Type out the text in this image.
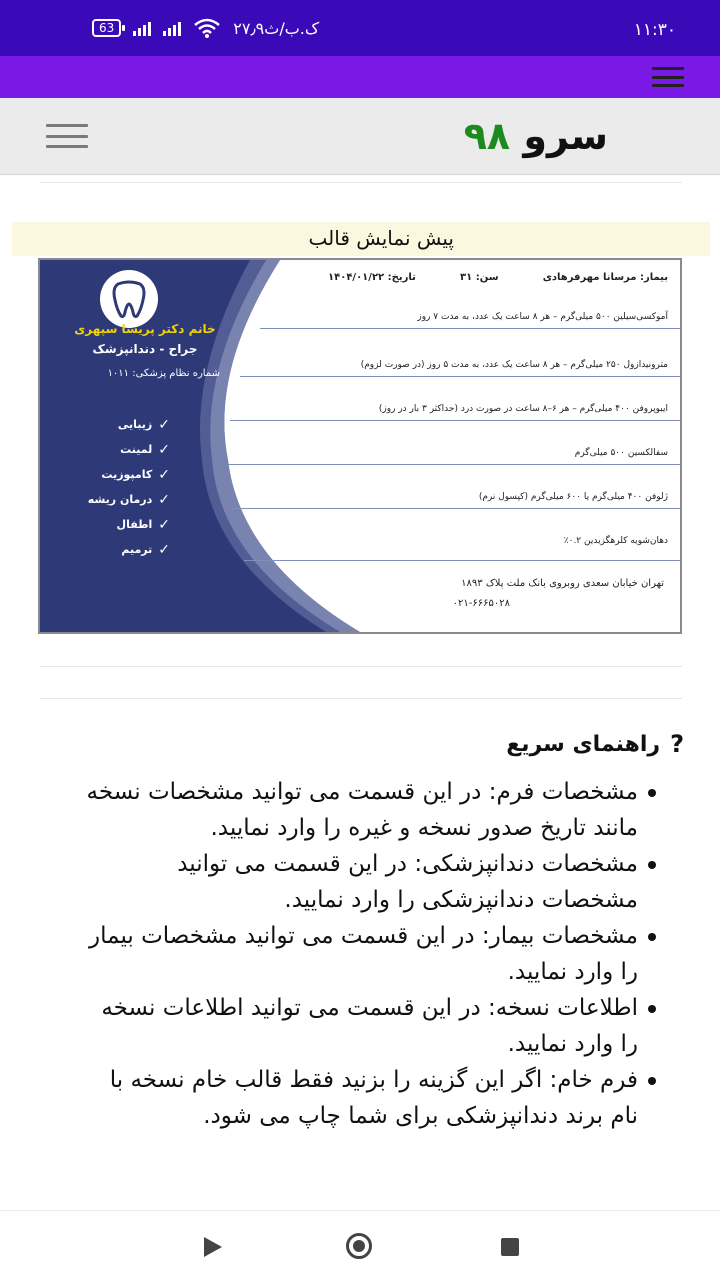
63	۲۷٫۹ک.ب/ث	۱۱:۳۰
سرو ۹۸
پیش نمایش قالب
خانم دکتر پریسا سپهری
جراح - دندانپزشک
شماره نظام پزشکی: ۱۰۱۱
✓
زیبایی
✓
لمینت
✓
کامپوزیت
✓
درمان ریشه
✓
اطفال
✓
ترمیم
بیمار: مرسانا مهرفرهادی
سن: ۳۱
تاریخ: ۱۴۰۴/۰۱/۲۲
آموکسی‌سیلین ۵۰۰ میلی‌گرم – هر ۸ ساعت یک عدد، به مدت ۷ روز
مترونیدازول ۲۵۰ میلی‌گرم – هر ۸ ساعت یک عدد، به مدت ۵ روز (در صورت لزوم)
ایبوپروفن ۴۰۰ میلی‌گرم – هر ۶–۸ ساعت در صورت درد (حداکثر ۳ بار در روز)
سفالکسین ۵۰۰ میلی‌گرم
ژلوفن ۴۰۰ میلی‌گرم یا ۶۰۰ میلی‌گرم (کپسول نرم)
دهان‌شویه کلرهگزیدین ۰.۲٪
تهران خیابان سعدی روبروی بانک ملت پلاک ۱۸۹۳
۰۲۱-۶۶۶۵۰۲۸
?
راهنمای سریع
مشخصات فرم: در این قسمت می توانید مشخصات نسخه مانند تاریخ صدور نسخه و غیره را وارد نمایید.
مشخصات دندانپزشکی: در این قسمت می توانید مشخصات دندانپزشکی را وارد نمایید.
مشخصات بیمار: در این قسمت می توانید مشخصات بیمار را وارد نمایید.
اطلاعات نسخه: در این قسمت می توانید اطلاعات نسخه را وارد نمایید.
فرم خام: اگر این گزینه را بزنید فقط قالب خام نسخه با نام برند دندانپزشکی برای شما چاپ می شود.
